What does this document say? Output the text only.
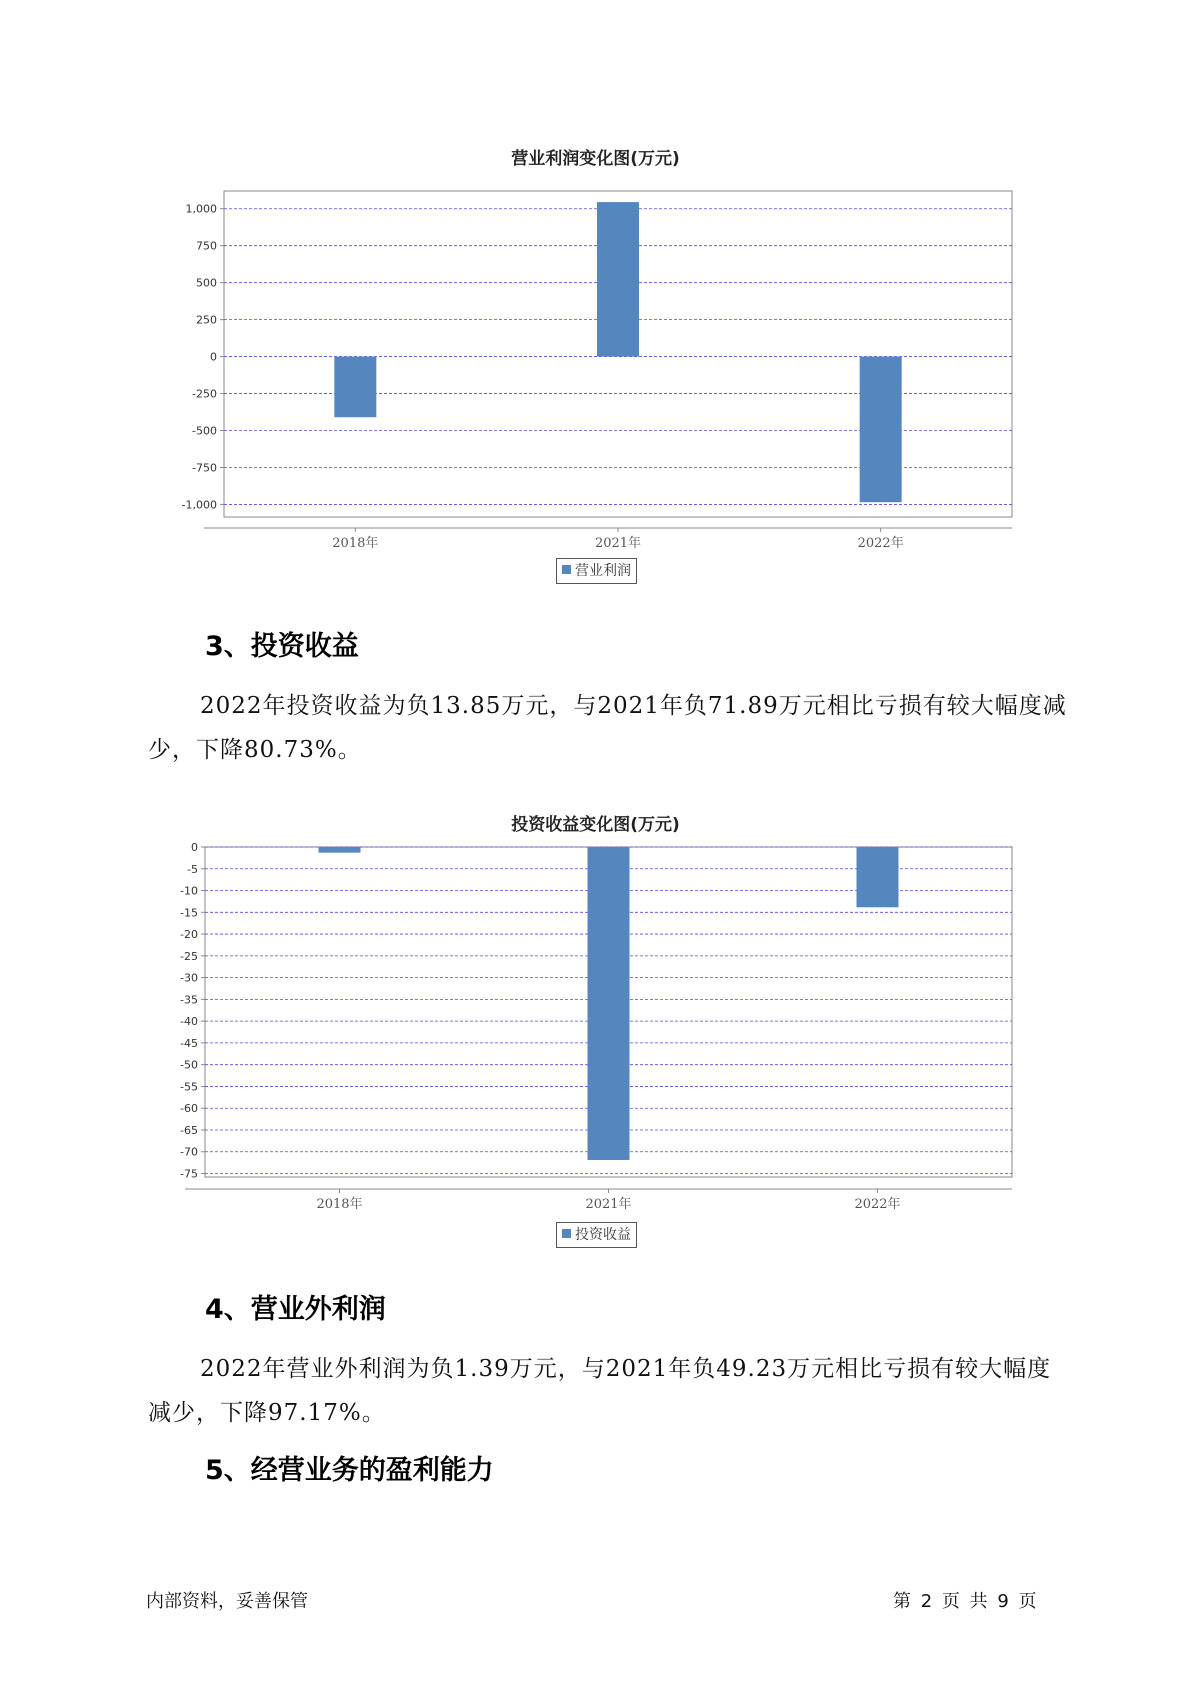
营业利润变化图(万元)
1,000
750
500
250
0
-250
-500
-750
-1,000
2018年	2021年	2022年
营业利润
3、投资收益

2022年投资收益为负13.85万元，与2021年负71.89万元相比亏损有较大幅度减少，下降80.73%。

投资收益变化图(万元)
0
-5
-10
-15
-20
-25
-30
-35
-40
-45
-50
-55
-60
-65
-70
-75
2018年	2021年	2022年
投资收益
4、营业外利润

2022年营业外利润为负1.39万元，与2021年负49.23万元相比亏损有较大幅度减少，下降97.17%。

5、经营业务的盈利能力
内部资料，妥善保管	第 2 页 共 9 页
